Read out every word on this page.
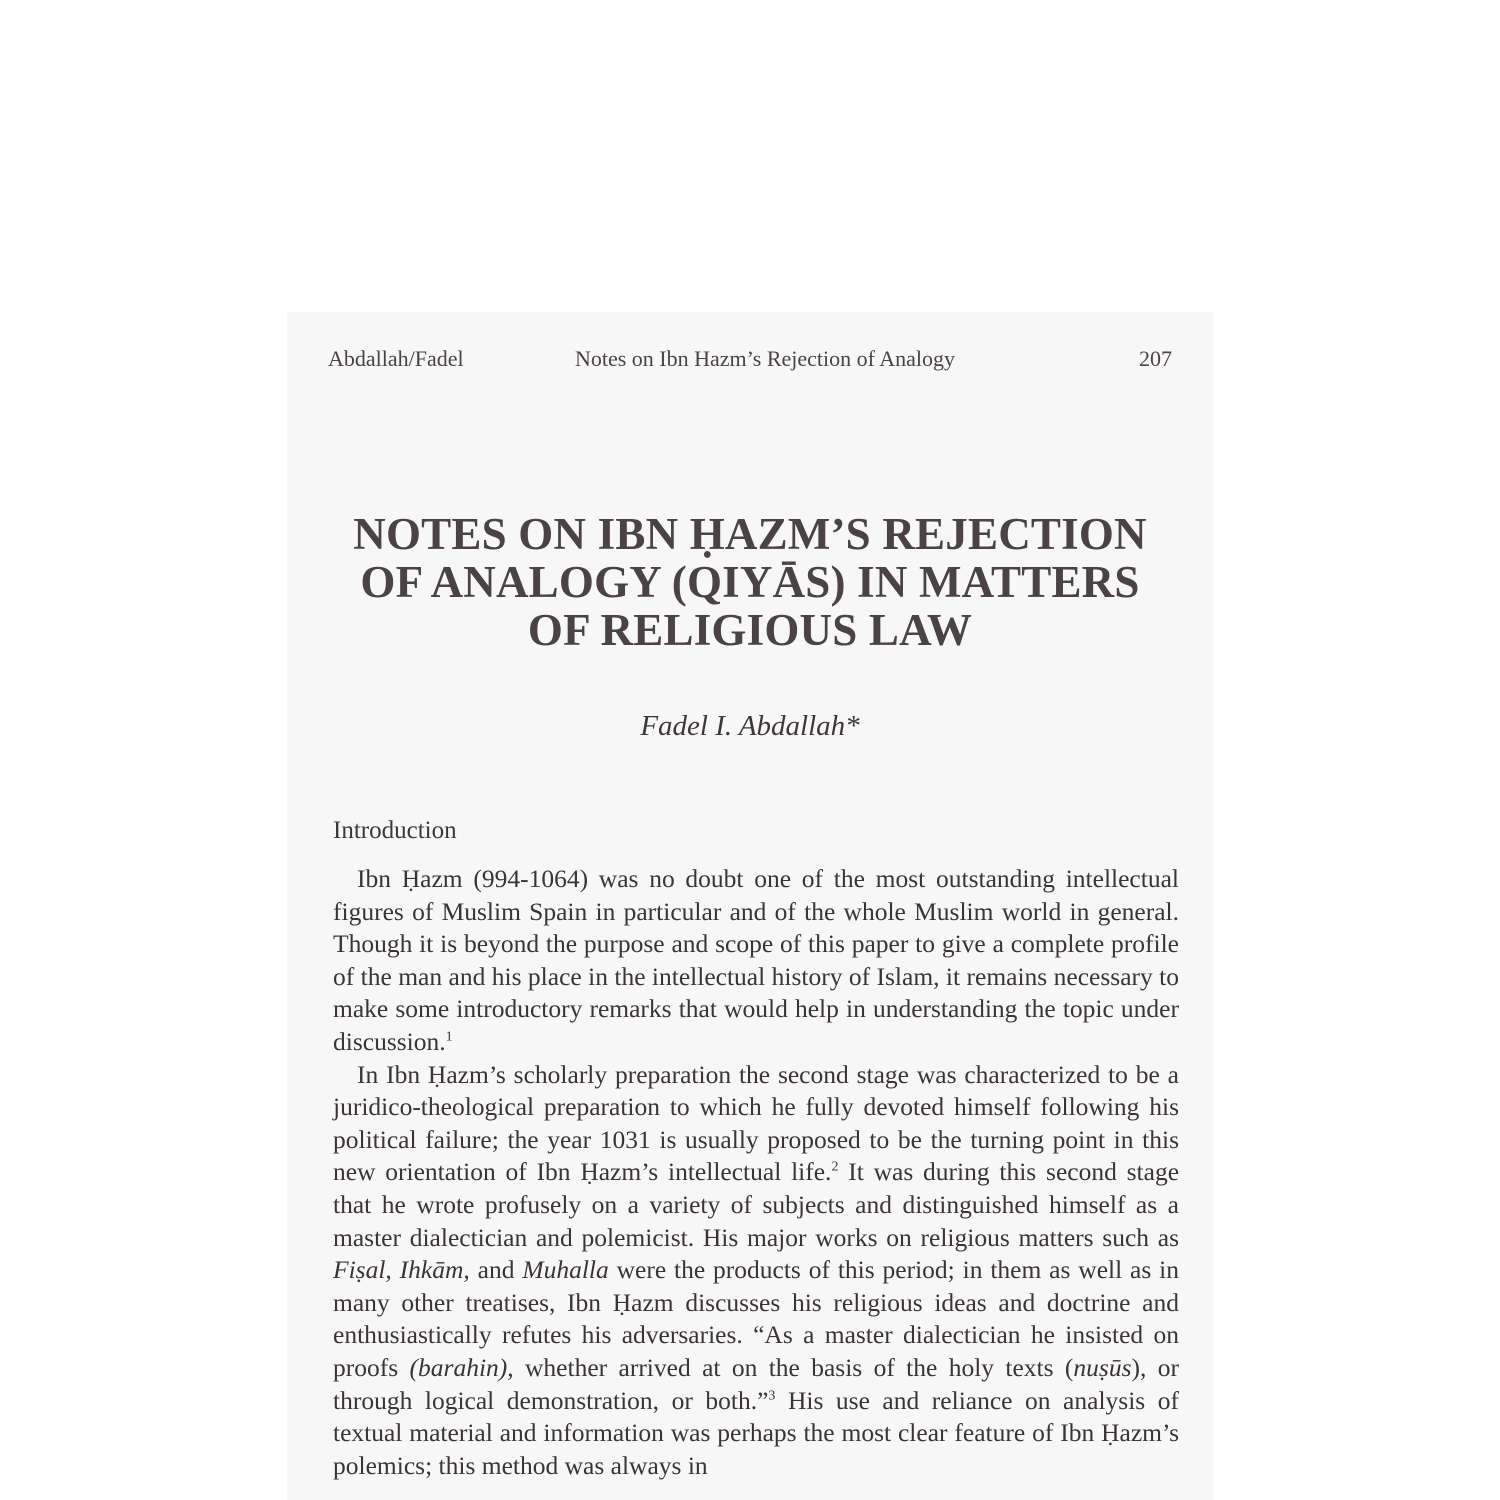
Abdallah/Fadel	Notes on Ibn Hazm’s Rejection of Analogy	207
NOTES ON IBN ḤAZM’S REJECTION
OF ANALOGY (QIYĀS) IN MATTERS
OF RELIGIOUS LAW
Fadel I. Abdallah*
Introduction

Ibn Ḥazm (994-1064) was no doubt one of the most outstanding intellectual figures of Muslim Spain in particular and of the whole Muslim world in general. Though it is beyond the purpose and scope of this paper to give a complete profile of the man and his place in the intellectual history of Islam, it remains necessary to make some introductory remarks that would help in understanding the topic under discussion.$^1$

In Ibn Ḥazm’s scholarly preparation the second stage was characterized to be a juridico-theological preparation to which he fully devoted himself following his political failure; the year 1031 is usually proposed to be the turning point in this new orientation of Ibn Ḥazm’s intellectual life.$^2$ It was during this second stage that he wrote profusely on a variety of subjects and distinguished himself as a master dialectician and polemicist. His major works on religious matters such as Fiṣal, Ihkām, and Muhalla were the products of this period; in them as well as in many other treatises, Ibn Ḥazm discusses his religious ideas and doctrine and enthusiastically refutes his adversaries. “As a master dialectician he insisted on proofs (barahin), whether arrived at on the basis of the holy texts (nuṣūs), or through logical demonstration, or both.”$^3$ His use and reliance on analysis of textual material and information was perhaps the most clear feature of Ibn Ḥazm’s polemics; this method was always in
